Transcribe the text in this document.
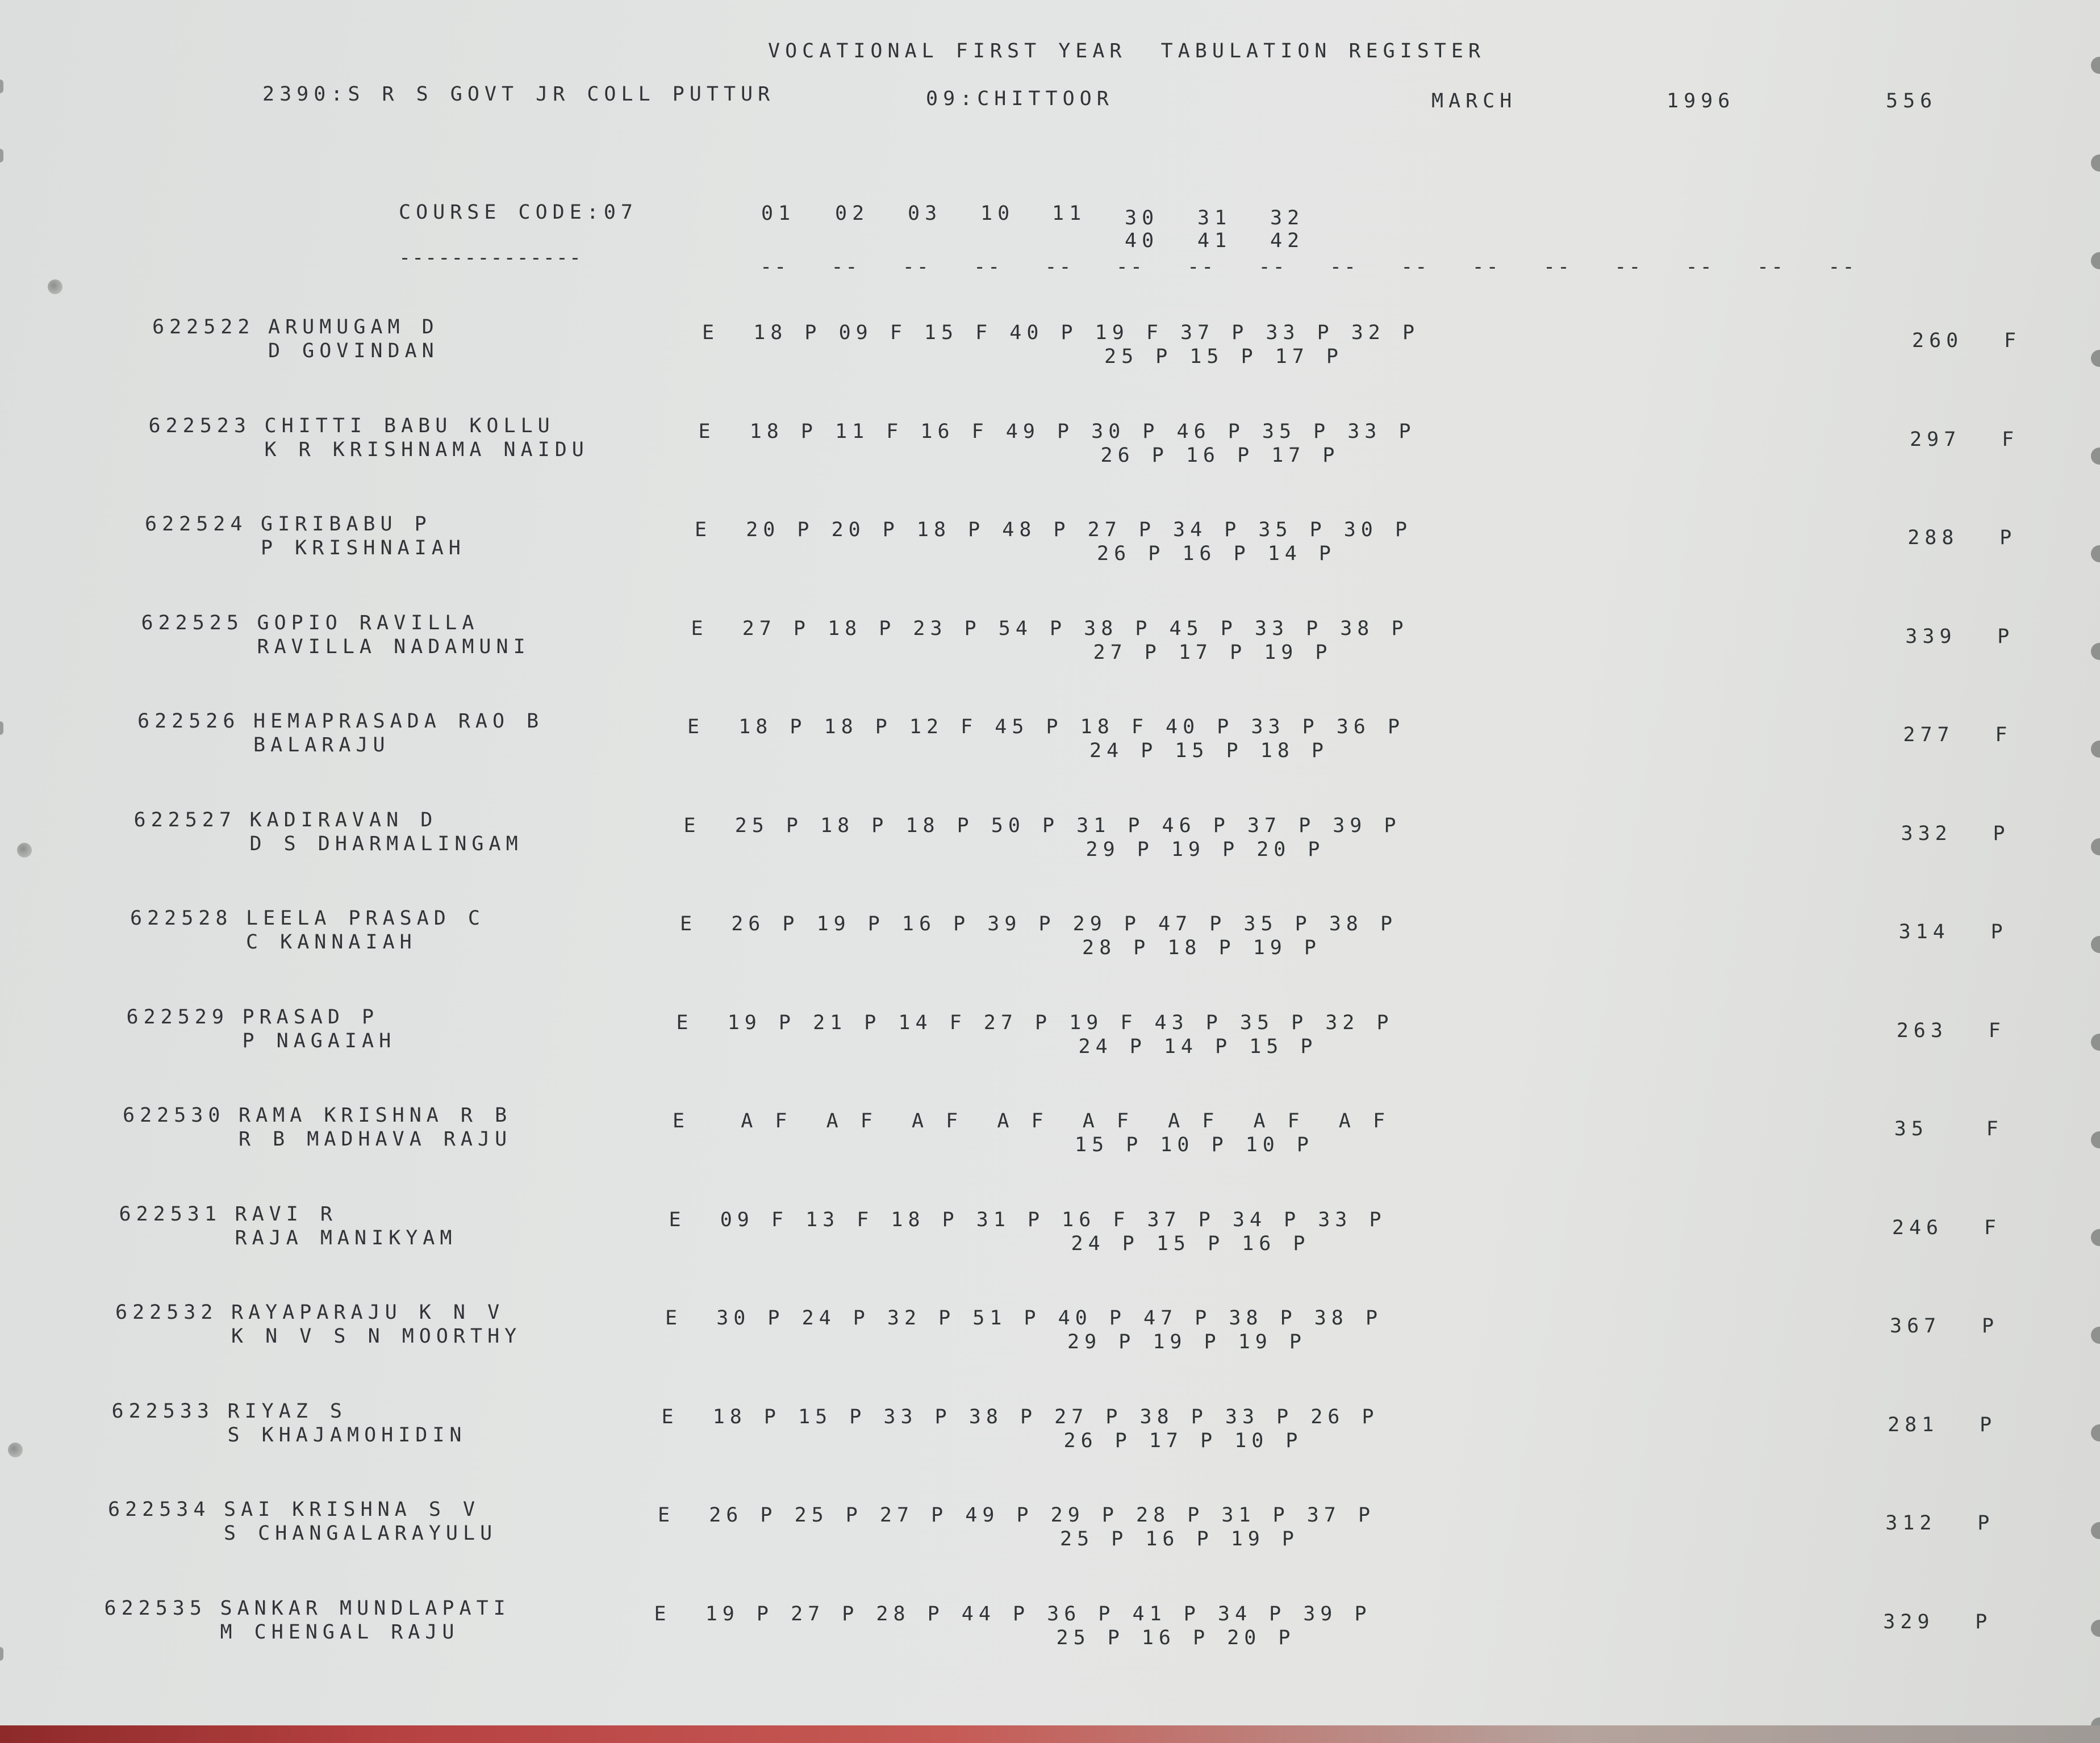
VOCATIONAL FIRST YEAR  TABULATION REGISTER
2390:S R S GOVT JR COLL PUTTUR	09:CHITTOOR	MARCH	1996	556
COURSE CODE:07
--------------
01 02 03 10 11 30 31 32
40 41 42
--   --   --   --   --   --   --   --   --   --   --   --   --   --   --   --
622522 ARUMUGAM D
D GOVINDAN
E  18 P 09 F 15 F 40 P 19 F 37 P 33 P 32 P
25 P 15 P 17 P
260 F
622523 CHITTI BABU KOLLU
K R KRISHNAMA NAIDU
E  18 P 11 F 16 F 49 P 30 P 46 P 35 P 33 P
26 P 16 P 17 P
297 F
622524 GIRIBABU P
P KRISHNAIAH
E  20 P 20 P 18 P 48 P 27 P 34 P 35 P 30 P
26 P 16 P 14 P
288 P
622525 GOPIO RAVILLA
RAVILLA NADAMUNI
E  27 P 18 P 23 P 54 P 38 P 45 P 33 P 38 P
27 P 17 P 19 P
339 P
622526 HEMAPRASADA RAO B
BALARAJU
E  18 P 18 P 12 F 45 P 18 F 40 P 33 P 36 P
24 P 15 P 18 P
277 F
622527 KADIRAVAN D
D S DHARMALINGAM
E  25 P 18 P 18 P 50 P 31 P 46 P 37 P 39 P
29 P 19 P 20 P
332 P
622528 LEELA PRASAD C
C KANNAIAH
E  26 P 19 P 16 P 39 P 29 P 47 P 35 P 38 P
28 P 18 P 19 P
314 P
622529 PRASAD P
P NAGAIAH
E  19 P 21 P 14 F 27 P 19 F 43 P 35 P 32 P
24 P 14 P 15 P
263 F
622530 RAMA KRISHNA R B
R B MADHAVA RAJU
E   A F  A F  A F  A F  A F  A F  A F  A F
15 P 10 P 10 P
35	F
622531 RAVI R
RAJA MANIKYAM
E  09 F 13 F 18 P 31 P 16 F 37 P 34 P 33 P
24 P 15 P 16 P
246 F
622532 RAYAPARAJU K N V
K N V S N MOORTHY
E  30 P 24 P 32 P 51 P 40 P 47 P 38 P 38 P
29 P 19 P 19 P
367 P
622533 RIYAZ S
S KHAJAMOHIDIN
E  18 P 15 P 33 P 38 P 27 P 38 P 33 P 26 P
26 P 17 P 10 P
281 P
622534 SAI KRISHNA S V
S CHANGALARAYULU
E  26 P 25 P 27 P 49 P 29 P 28 P 31 P 37 P
25 P 16 P 19 P
312 P
622535 SANKAR MUNDLAPATI
M CHENGAL RAJU
E  19 P 27 P 28 P 44 P 36 P 41 P 34 P 39 P
25 P 16 P 20 P
329 P
